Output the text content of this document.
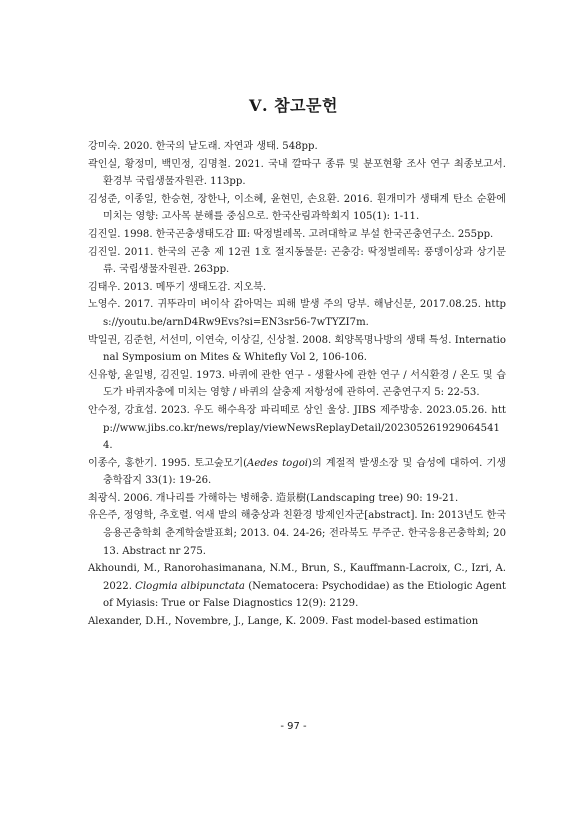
Ⅴ. 참고문헌

강미숙. 2020. 한국의 낱도래. 자연과 생태. 548pp.

곽인실, 황정미, 백민정, 김명철. 2021. 국내 깔따구 종류 및 분포현황 조사 연구 최종보고서. 환경부 국립생물자원관. 113pp.

김성준, 이종일, 한승현, 장한나, 이소혜, 윤현민, 손요환. 2016. 흰개미가 생태계 탄소 순환에 미치는 영향: 고사목 분해를 중심으로. 한국산림과학회지 105(1): 1-11.

김진일. 1998. 한국곤충생태도감 Ⅲ: 딱정벌레목. 고려대학교 부설 한국곤충연구소. 255pp.

김진일. 2011. 한국의 곤충 제 12권 1호 절지동물문: 곤충강: 딱정벌레목: 풍뎅이상과 상기문류. 국립생물자원관. 263pp.

김태우. 2013. 메뚜기 생태도감. 지오북.

노영수. 2017. 귀뚜라미 벼이삭 갉아먹는 피해 발생 주의 당부. 해남신문, 2017.08.25. https://youtu.be/arnD4Rw9Evs?si=EN3sr56-7wTYZI7m.

박일권, 김준헌, 서선미, 이연숙, 이상길, 신상철. 2008. 회양목명나방의 생태 특성. International Symposium on Mites & Whitefly Vol 2, 106-106.

신유항, 윤일병, 김진일. 1973. 바퀴에 관한 연구 - 생활사에 관한 연구 / 서식환경 / 온도 및 습도가 바퀴자충에 미치는 영향 / 바퀴의 살충제 저항성에 관하여. 곤충연구지 5: 22-53.

안수정, 강효섭. 2023. 우도 해수욕장 파리떼로 상인 울상. JIBS 제주방송. 2023.05.26. http://www.jibs.co.kr/news/replay/viewNewsReplayDetail/202305261929064541 4.

이종수, 홍한기. 1995. 토고숲모기(Aedes togoi)의 계절적 발생소장 및 습성에 대하여. 기생충학잡지 33(1): 19-26.

최광식. 2006. 개나리를 가해하는 병해충. 造景樹(Landscaping tree) 90: 19-21.

유은주, 정영학, 추호렬. 억새 밭의 해충상과 친환경 방제인자군[abstract]. In: 2013년도 한국응용곤충학회 춘계학술발표회; 2013. 04. 24-26; 전라북도 무주군. 한국응용곤충학회; 2013. Abstract nr 275.

Akhoundi, M., Ranorohasimanana, N.M., Brun, S., Kauffmann-Lacroix, C., Izri, A. 2022. Clogmia albipunctata (Nematocera: Psychodidae) as the Etiologic Agent of Myiasis: True or False Diagnostics 12(9): 2129.

Alexander, D.H., Novembre, J., Lange, K. 2009. Fast model-based estimation

- 97 -
